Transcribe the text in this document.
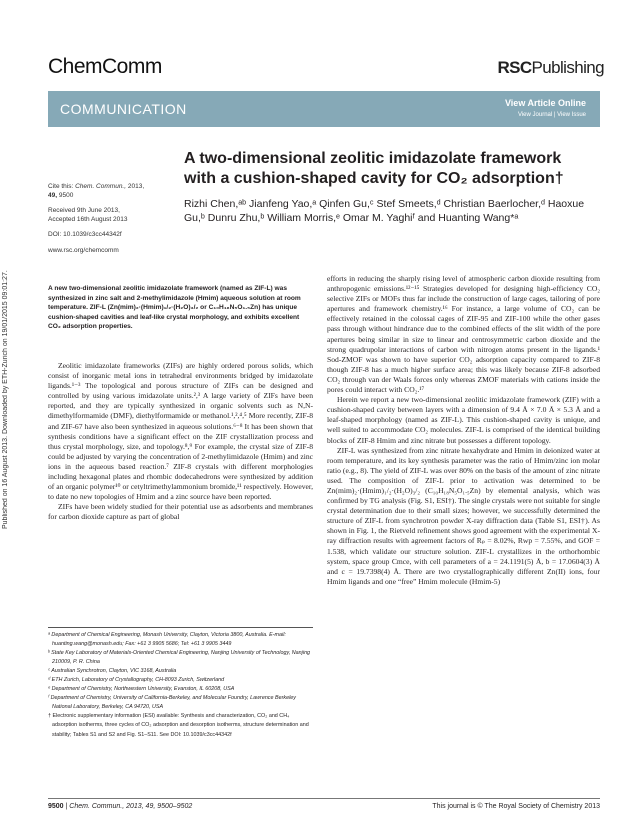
Published on 16 August 2013. Downloaded by ETH-Zurich on 19/01/2015 09:01:27.
ChemComm	RSCPublishing
COMMUNICATION	View Article Online
View Journal | View Issue
Cite this: Chem. Commun., 2013,
49, 9500
Received 9th June 2013,
Accepted 16th August 2013
DOI: 10.1039/c3cc44342f
www.rsc.org/chemcomm
A two-dimensional zeolitic imidazolate framework with a cushion-shaped cavity for CO₂ adsorption†
Rizhi Chen,ᵃᵇ Jianfeng Yao,ᵃ Qinfen Gu,ᶜ Stef Smeets,ᵈ Christian Baerlocher,ᵈ Haoxue Gu,ᵇ Dunru Zhu,ᵇ William Morris,ᵉ Omar M. Yaghiᶠ and Huanting Wang*ᵃ
A new two-dimensional zeolitic imidazolate framework (named as ZIF-L) was synthesized in zinc salt and 2-methylimidazole (Hmim) aqueous solution at room temperature. ZIF-L (Zn(mim)₂·(Hmim)₁/₂·(H₂O)₃/₂ or C₁₀H₁₈N₅O₁.₅Zn) has unique cushion-shaped cavities and leaf-like crystal morphology, and exhibits excellent CO₂ adsorption properties.

Zeolitic imidazolate frameworks (ZIFs) are highly ordered porous solids, which consist of inorganic metal ions in tetrahedral environments bridged by imidazolate ligands.¹⁻³ The topological and porous structure of ZIFs can be designed and controlled by using various imidazolate units.²,³ A large variety of ZIFs have been reported, and they are typically synthesized in organic solvents such as N,N-dimethylformamide (DMF), diethylformamide or methanol.¹,²,⁴,⁵ More recently, ZIF-8 and ZIF-67 have also been synthesized in aqueous solutions.⁶⁻⁸ It has been shown that synthesis conditions have a significant effect on the ZIF crystallization process and thus crystal morphology, size, and topology.⁸,⁹ For example, the crystal size of ZIF-8 could be adjusted by varying the concentration of 2-methylimidazole (Hmim) and zinc ions in the aqueous based reaction.⁷ ZIF-8 crystals with different morphologies including hexagonal plates and rhombic dodecahedrons were synthesized by addition of an organic polymer¹⁰ or cetyltrimethylammonium bromide,¹¹ respectively. However, to date no new topologies of Hmim and a zinc source have been reported.

ZIFs have been widely studied for their potential use as adsorbents and membranes for carbon dioxide capture as part of global

efforts in reducing the sharply rising level of atmospheric carbon dioxide resulting from anthropogenic emissions.¹²⁻¹⁵ Strategies developed for designing high-efficiency CO₂ selective ZIFs or MOFs thus far include the construction of large cages, tailoring of pore apertures and framework chemistry.¹⁶ For instance, a large volume of CO₂ can be effectively retained in the colossal cages of ZIF-95 and ZIF-100 while the other gases pass through without hindrance due to the combined effects of the slit width of the pore apertures being similar in size to linear and centrosymmetric carbon dioxide and the strong quadrupolar interactions of carbon with nitrogen atoms present in the ligands.¹ Sod-ZMOF was shown to have superior CO₂ adsorption capacity compared to ZIF-8 though ZIF-8 has a much higher surface area; this was likely because ZIF-8 adsorbed CO₂ through van der Waals forces only whereas ZMOF materials with cations inside the pores could interact with CO₂.¹⁷

Herein we report a new two-dimensional zeolitic imidazolate framework (ZIF) with a cushion-shaped cavity between layers with a dimension of 9.4 Å × 7.0 Å × 5.3 Å and a leaf-shaped morphology (named as ZIF-L). This cushion-shaped cavity is unique, and well suited to accommodate CO₂ molecules. ZIF-L is comprised of the identical building blocks of ZIF-8 Hmim and zinc nitrate but possesses a different topology.

ZIF-L was synthesized from zinc nitrate hexahydrate and Hmim in deionized water at room temperature, and its key synthesis parameter was the ratio of Hmim/zinc ion molar ratio (e.g., 8). The yield of ZIF-L was over 80% on the basis of the amount of zinc nitrate used. The composition of ZIF-L prior to activation was determined to be Zn(mim)₂·(Hmim)₁/₂·(H₂O)₃/₂ (C₁₀H₁₈N₅O₁.₅Zn) by elemental analysis, which was confirmed by TG analysis (Fig. S1, ESI†). The single crystals were not suitable for single crystal determination due to their small sizes; however, we successfully determined the structure of ZIF-L from synchrotron powder X-ray diffraction data (Table S1, ESI†). As shown in Fig. 1, the Rietveld refinement shows good agreement with the experimental X-ray diffraction results with agreement factors of Rₚ = 8.02%, Rwp = 7.55%, and GOF = 1.538, which validate our structure solution. ZIF-L crystallizes in the orthorhombic system, space group Cmce, with cell parameters of a = 24.1191(5) Å, b = 17.0604(3) Å and c = 19.7398(4) Å. There are two crystallographically different Zn(II) ions, four Hmim ligands and one “free” Hmim molecule (Hmim-5)

ᵃ Department of Chemical Engineering, Monash University, Clayton, Victoria 3800, Australia. E-mail: huanting.wang@monash.edu; Fax: +61 3 9905 5686; Tel: +61 3 9905 3449
ᵇ State Key Laboratory of Materials-Oriented Chemical Engineering, Nanjing University of Technology, Nanjing 210009, P. R. China
ᶜ Australian Synchrotron, Clayton, VIC 3168, Australia
ᵈ ETH Zurich, Laboratory of Crystallography, CH-8093 Zurich, Switzerland
ᵉ Department of Chemistry, Northwestern University, Evanston, IL 60208, USA
ᶠ Department of Chemistry, University of California-Berkeley, and Molecular Foundry, Lawrence Berkeley National Laboratory, Berkeley, CA 94720, USA
† Electronic supplementary information (ESI) available: Synthesis and characterization, CO₂ and CH₄ adsorption isotherms, three cycles of CO₂ adsorption and desorption isotherms, structure determination and stability; Tables S1 and S2 and Fig. S1–S11. See DOI: 10.1039/c3cc44342f
9500 | Chem. Commun., 2013, 49, 9500–9502	This journal is © The Royal Society of Chemistry 2013
